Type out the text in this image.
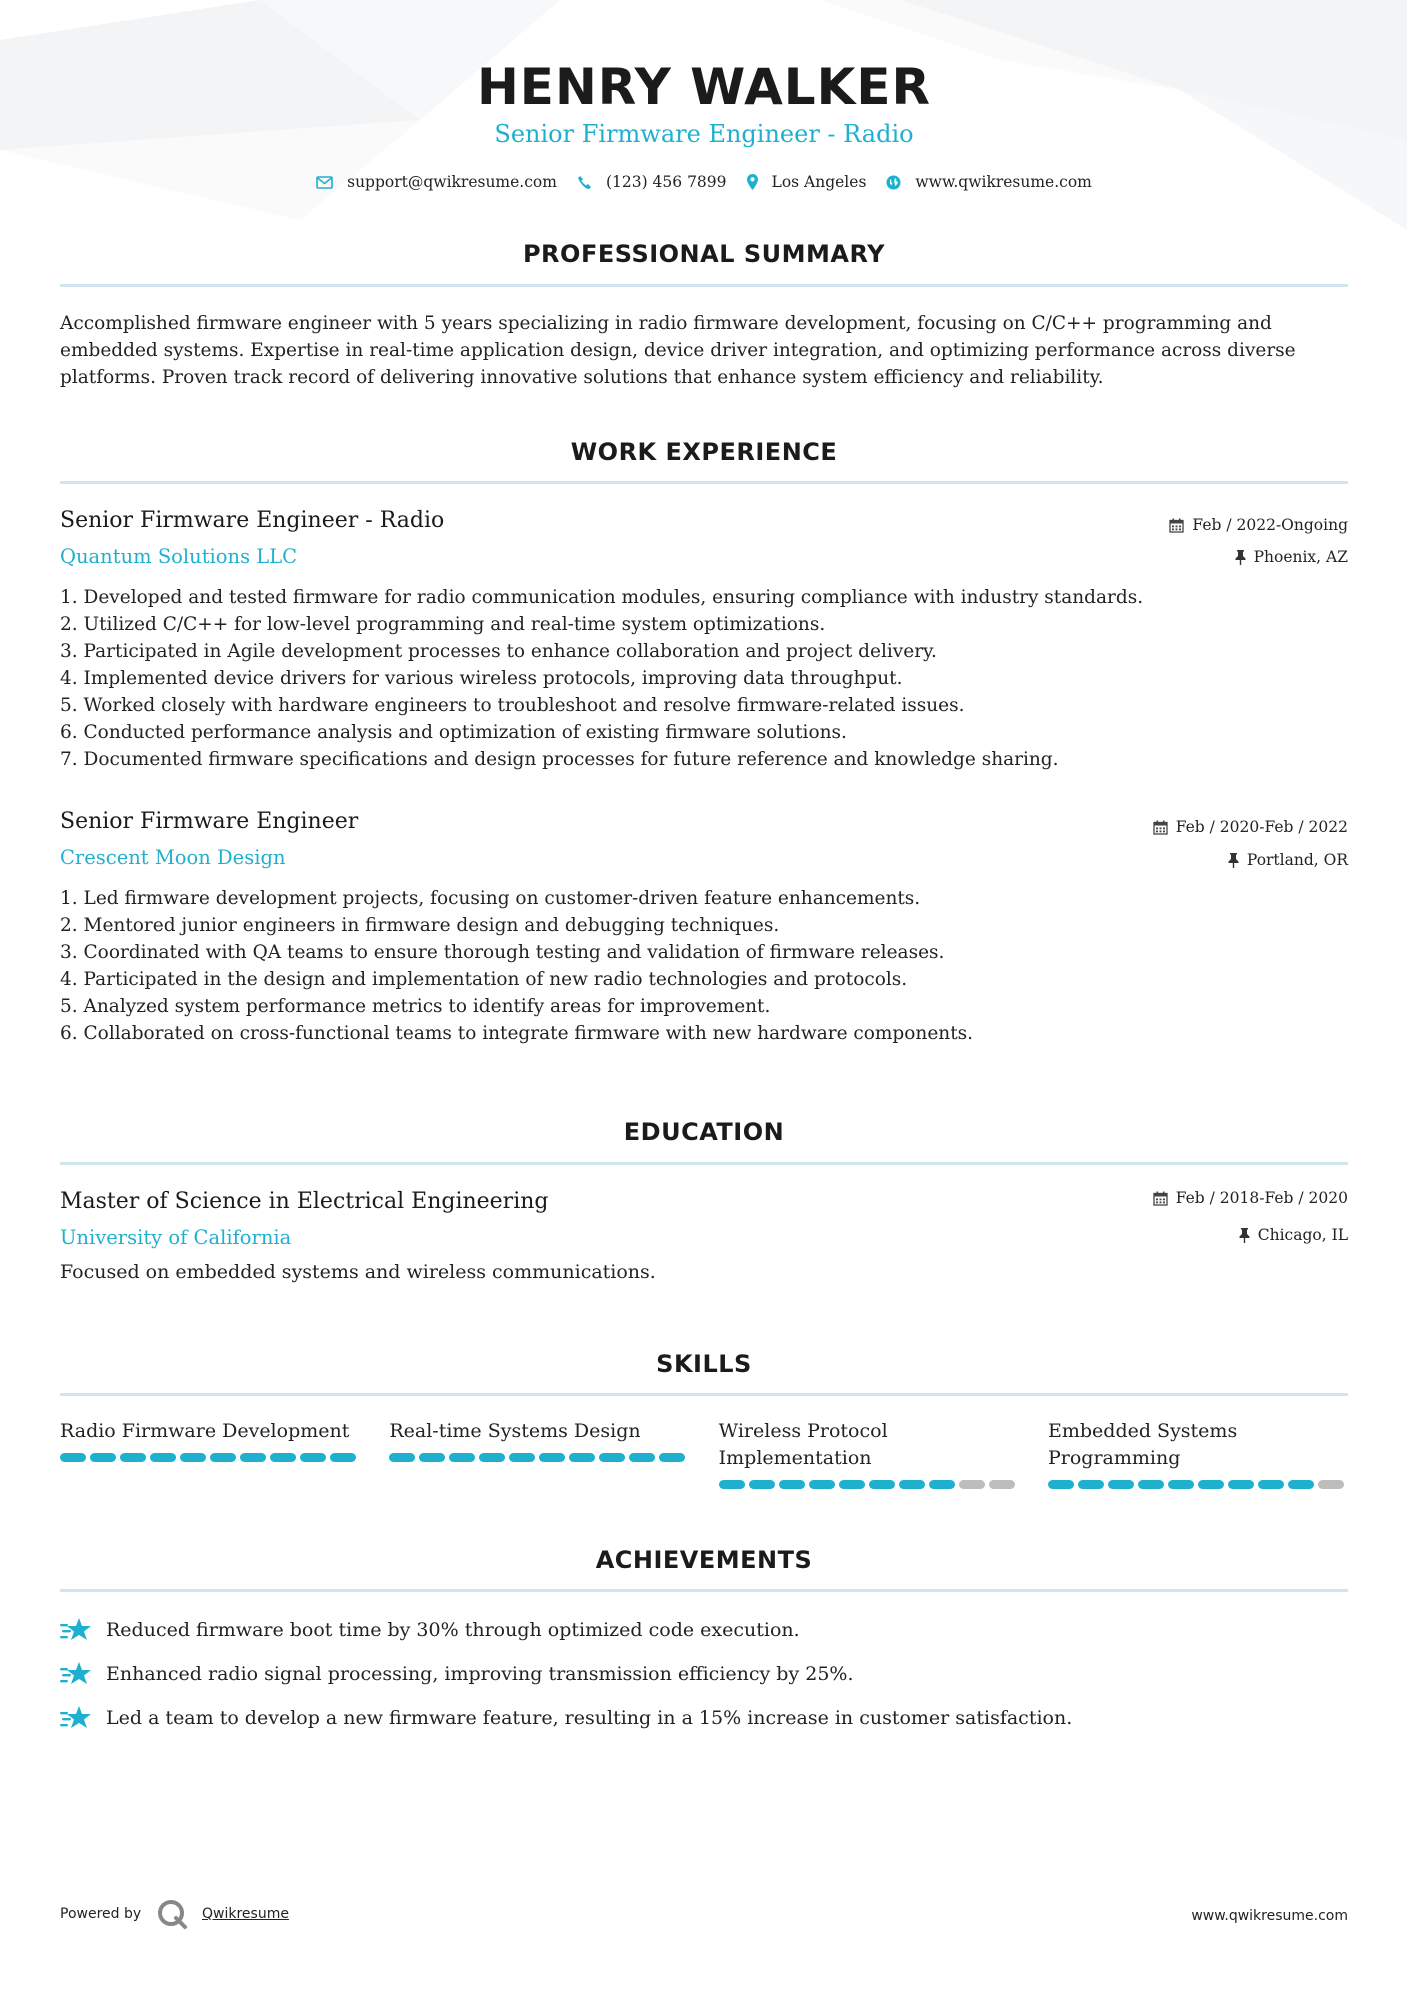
HENRY WALKER
Senior Firmware Engineer - Radio
support@qwikresume.com	(123) 456 7899	Los Angeles	www.qwikresume.com
PROFESSIONAL SUMMARY
Accomplished firmware engineer with 5 years specializing in radio firmware development, focusing on C/C++ programming and
embedded systems. Expertise in real-time application design, device driver integration, and optimizing performance across diverse
platforms. Proven track record of delivering innovative solutions that enhance system efficiency and reliability.
WORK EXPERIENCE
Senior Firmware Engineer - Radio
Quantum Solutions LLC
Feb / 2022-Ongoing
Phoenix, AZ
1. Developed and tested firmware for radio communication modules, ensuring compliance with industry standards.
2. Utilized C/C++ for low-level programming and real-time system optimizations.
3. Participated in Agile development processes to enhance collaboration and project delivery.
4. Implemented device drivers for various wireless protocols, improving data throughput.
5. Worked closely with hardware engineers to troubleshoot and resolve firmware-related issues.
6. Conducted performance analysis and optimization of existing firmware solutions.
7. Documented firmware specifications and design processes for future reference and knowledge sharing.
Senior Firmware Engineer
Crescent Moon Design
Feb / 2020-Feb / 2022
Portland, OR
1. Led firmware development projects, focusing on customer-driven feature enhancements.
2. Mentored junior engineers in firmware design and debugging techniques.
3. Coordinated with QA teams to ensure thorough testing and validation of firmware releases.
4. Participated in the design and implementation of new radio technologies and protocols.
5. Analyzed system performance metrics to identify areas for improvement.
6. Collaborated on cross-functional teams to integrate firmware with new hardware components.
EDUCATION
Master of Science in Electrical Engineering
University of California
Feb / 2018-Feb / 2020
Chicago, IL
Focused on embedded systems and wireless communications.
SKILLS
Radio Firmware Development	Real-time Systems Design	Wireless Protocol Implementation
Embedded Systems Programming
ACHIEVEMENTS
Reduced firmware boot time by 30% through optimized code execution.
Enhanced radio signal processing, improving transmission efficiency by 25%.
Led a team to develop a new firmware feature, resulting in a 15% increase in customer satisfaction.
Powered by	Qwikresume	www.qwikresume.com
